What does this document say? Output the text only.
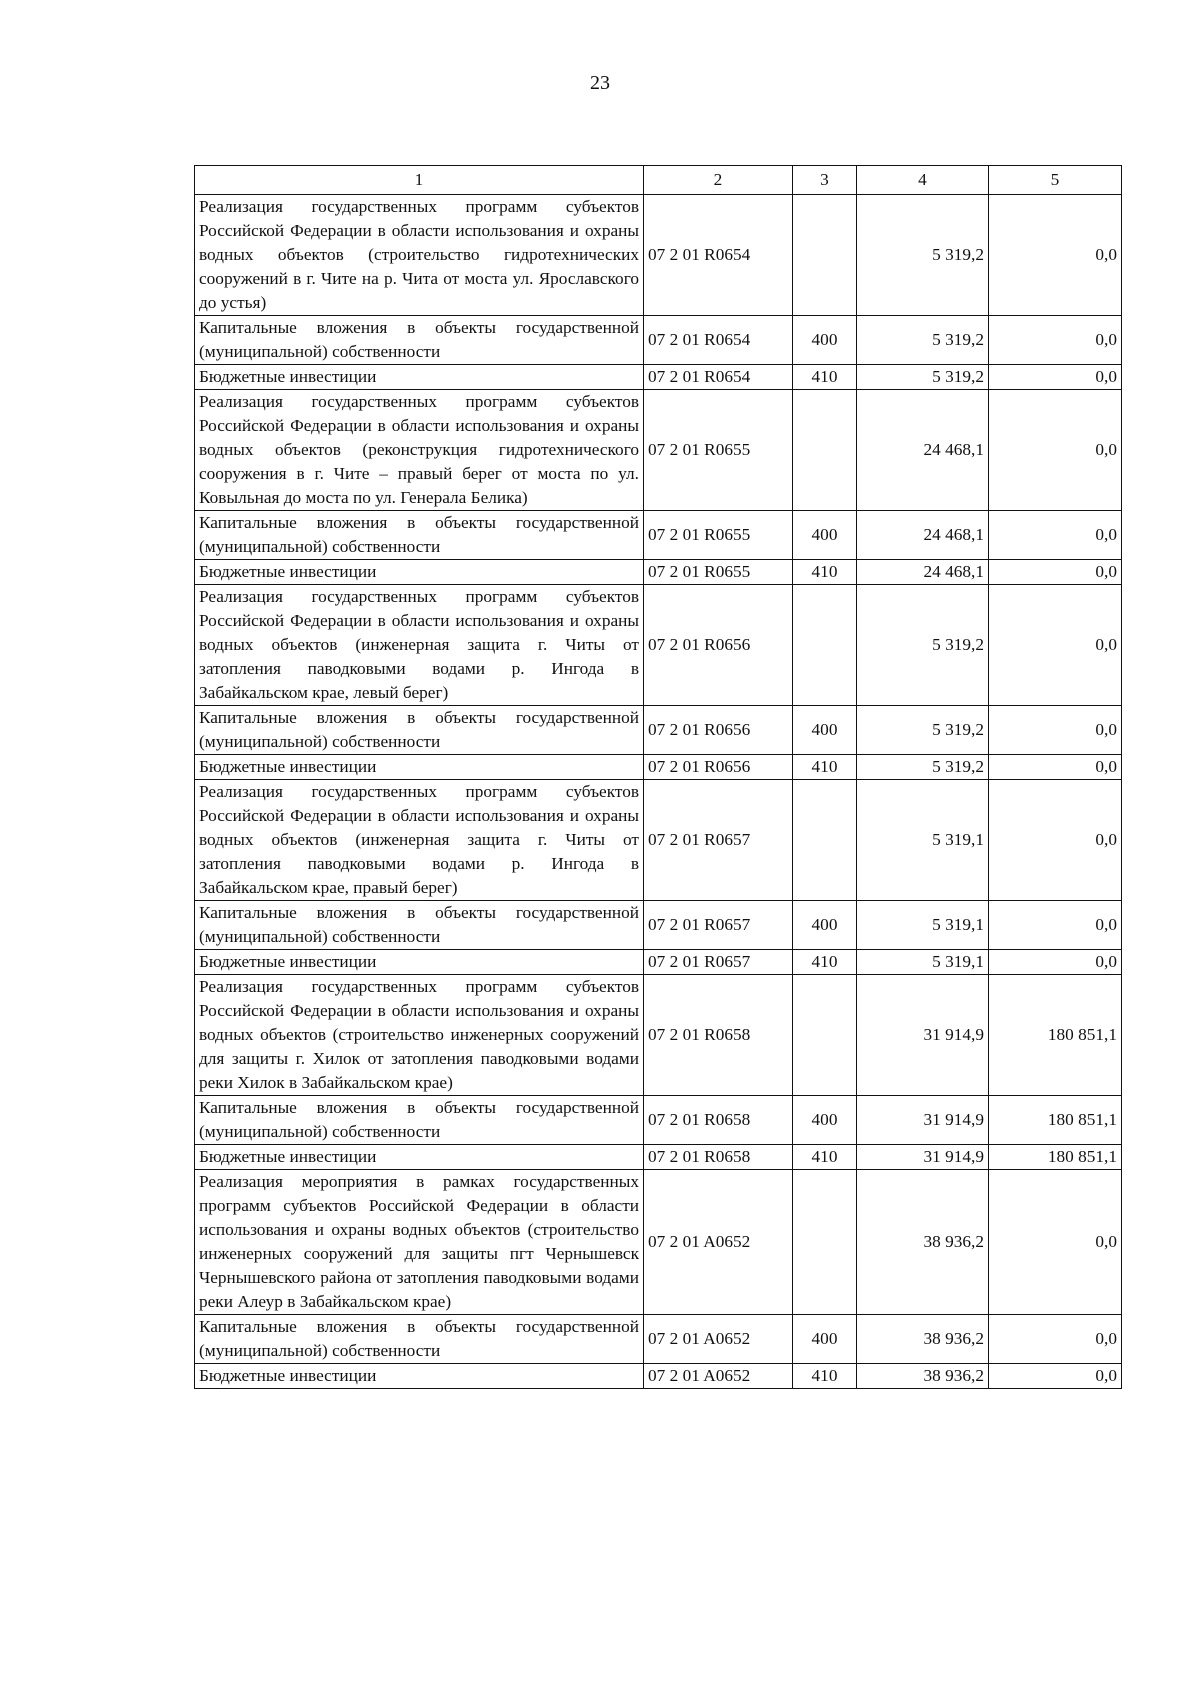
23
1	2	3	4	5
Реализация государственных программ субъектов Российской Федерации в области использования и охраны водных объектов (строительство гидротехнических сооружений в г. Чите на р. Чита от моста ул. Ярославского до устья)	07 2 01 R0654		5 319,2	0,0
Капитальные вложения в объекты государственной (муниципальной) собственности	07 2 01 R0654	400	5 319,2	0,0
Бюджетные инвестиции	07 2 01 R0654	410	5 319,2	0,0
Реализация государственных программ субъектов Российской Федерации в области использования и охраны водных объектов (реконструкция гидротехнического сооружения в г. Чите – правый берег от моста по ул. Ковыльная до моста по ул. Генерала Белика)	07 2 01 R0655		24 468,1	0,0
Капитальные вложения в объекты государственной (муниципальной) собственности	07 2 01 R0655	400	24 468,1	0,0
Бюджетные инвестиции	07 2 01 R0655	410	24 468,1	0,0
Реализация государственных программ субъектов Российской Федерации в области использования и охраны водных объектов (инженерная защита г. Читы от затопления паводковыми водами р. Ингода в Забайкальском крае, левый берег)	07 2 01 R0656		5 319,2	0,0
Капитальные вложения в объекты государственной (муниципальной) собственности	07 2 01 R0656	400	5 319,2	0,0
Бюджетные инвестиции	07 2 01 R0656	410	5 319,2	0,0
Реализация государственных программ субъектов Российской Федерации в области использования и охраны водных объектов (инженерная защита г. Читы от затопления паводковыми водами р. Ингода в Забайкальском крае, правый берег)	07 2 01 R0657		5 319,1	0,0
Капитальные вложения в объекты государственной (муниципальной) собственности	07 2 01 R0657	400	5 319,1	0,0
Бюджетные инвестиции	07 2 01 R0657	410	5 319,1	0,0
Реализация государственных программ субъектов Российской Федерации в области использования и охраны водных объектов (строительство инженерных сооружений для защиты г. Хилок от затопления паводковыми водами реки Хилок в Забайкальском крае)	07 2 01 R0658		31 914,9	180 851,1
Капитальные вложения в объекты государственной (муниципальной) собственности	07 2 01 R0658	400	31 914,9	180 851,1
Бюджетные инвестиции	07 2 01 R0658	410	31 914,9	180 851,1
Реализация мероприятия в рамках государственных программ субъектов Российской Федерации в области использования и охраны водных объектов (строительство инженерных сооружений для защиты пгт Чернышевск Чернышевского района от затопления паводковыми водами реки Алеур в Забайкальском крае)	07 2 01 A0652		38 936,2	0,0
Капитальные вложения в объекты государственной (муниципальной) собственности	07 2 01 A0652	400	38 936,2	0,0
Бюджетные инвестиции	07 2 01 A0652	410	38 936,2	0,0
